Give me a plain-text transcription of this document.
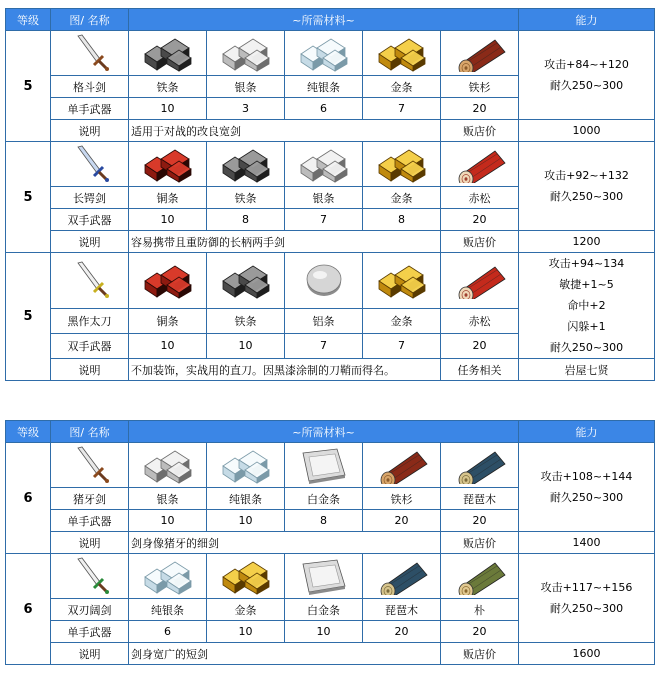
等级	图/ 名称	~所需材料~	能力
5							
攻击+84~+120
耐久250~300

格斗剑	铁条	银条	纯银条	金条	铁杉
单手武器	10	3	6	7	20
说明	适用于对战的改良宽剑	贩店价	1000
5							
攻击+92~+132
耐久250~300

长锷剑	铜条	铁条	银条	金条	赤松
双手武器	10	8	7	8	20
说明	容易携带且重防御的长柄两手剑	贩店价	1200
5							
攻击+94~134
敏捷+1~5
命中+2
闪躲+1
耐久250~300

黑作太刀	铜条	铁条	铝条	金条	赤松
双手武器	10	10	7	7	20
说明	不加装饰，实战用的直刀。因黑漆涂制的刀鞘而得名。	任务相关	岩屋七贤
等级	图/ 名称	~所需材料~	能力
6							
攻击+108~+144
耐久250~300

猪牙剑	银条	纯银条	白金条	铁杉	琵琶木
单手武器	10	10	8	20	20
说明	剑身像猪牙的细剑	贩店价	1400
6							
攻击+117~+156
耐久250~300

双刃阔剑	纯银条	金条	白金条	琵琶木	朴
单手武器	6	10	10	20	20
说明	剑身宽广的短剑	贩店价	1600
